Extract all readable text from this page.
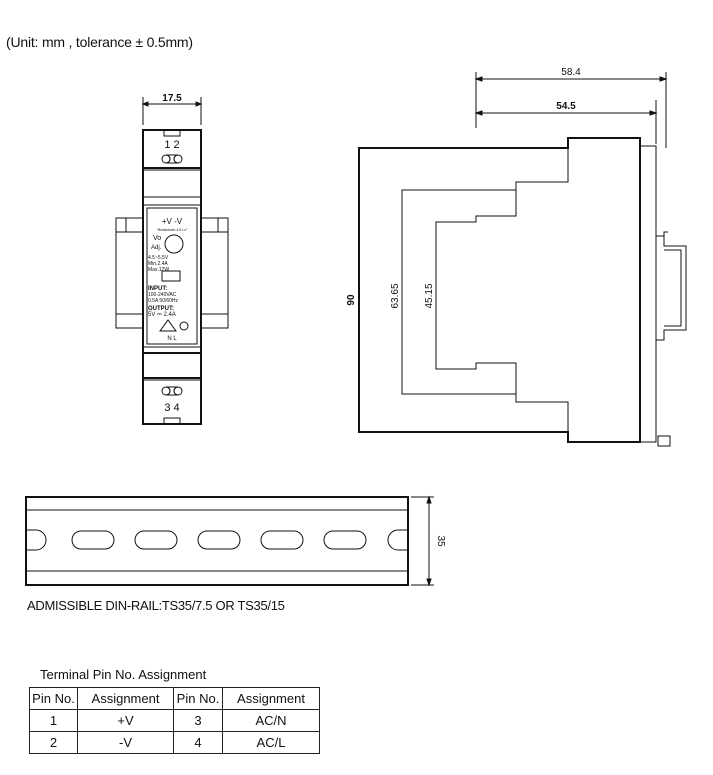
(Unit: mm , tolerance ± 0.5mm)
17.5
1 2
3 4
+V -V
"Breakdown 4.5 Lz"
Vo
Adj.
4.5~5.5V
Min.2.4A
Max.12W
INPUT:
100-240VAC
0.5A 50/60Hz
OUTPUT:
5V ⎓ 2.4A
N L
58.4
54.5
90	63.65 45.15
35
ADMISSIBLE DIN-RAIL:TS35/7.5 OR TS35/15
Terminal Pin No. Assignment
Pin No.	Assignment	Pin No.	Assignment
1	+V	3	AC/N
2	-V	4	AC/L
